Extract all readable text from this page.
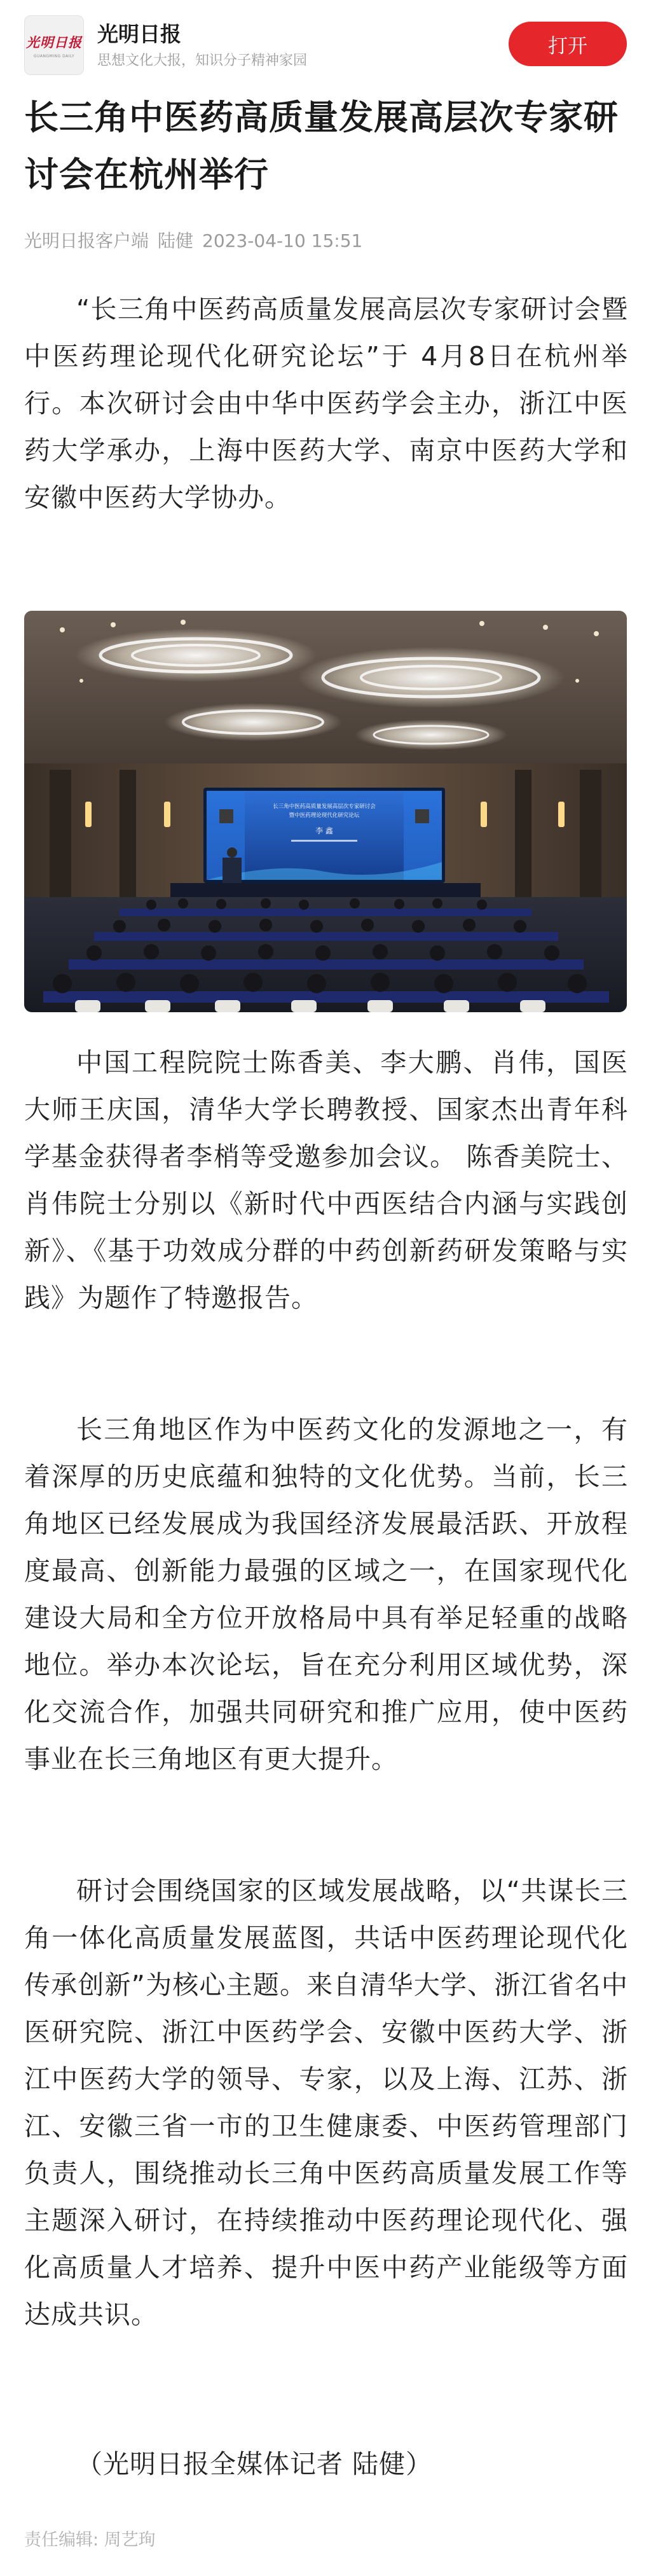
光明日报
GUANGMING DAILY
光明日报
思想文化大报，知识分子精神家园
打开
长三角中医药高质量发展高层次专家研讨会在杭州举行
光明日报客户端 陆健 2023-04-10 15:51

“长三角中医药高质量发展高层次专家研讨会暨中医药理论现代化研究论坛”于 4月8日在杭州举行。本次研讨会由中华中医药学会主办，浙江中医药大学承办，上海中医药大学、南京中医药大学和安徽中医药大学协办。

长三角中医药高质量发展高层次专家研讨会
暨中医药理论现代化研究论坛
李 鑫

中国工程院院士陈香美、李大鹏、肖伟，国医大师王庆国，清华大学长聘教授、国家杰出青年科学基金获得者李梢等受邀参加会议。 陈香美院士、肖伟院士分别以《新时代中西医结合内涵与实践创新》、《基于功效成分群的中药创新药研发策略与实践》为题作了特邀报告。

长三角地区作为中医药文化的发源地之一，有着深厚的历史底蕴和独特的文化优势。当前，长三角地区已经发展成为我国经济发展最活跃、开放程度最高、创新能力最强的区域之一，在国家现代化建设大局和全方位开放格局中具有举足轻重的战略地位。举办本次论坛，旨在充分利用区域优势，深化交流合作，加强共同研究和推广应用，使中医药事业在长三角地区有更大提升。

研讨会围绕国家的区域发展战略，以“共谋长三角一体化高质量发展蓝图，共话中医药理论现代化传承创新”为核心主题。来自清华大学、浙江省名中医研究院、浙江中医药学会、安徽中医药大学、浙江中医药大学的领导、专家，以及上海、江苏、浙江、安徽三省一市的卫生健康委、中医药管理部门负责人，围绕推动长三角中医药高质量发展工作等主题深入研讨，在持续推动中医药理论现代化、强化高质量人才培养、提升中医中药产业能级等方面达成共识。

（光明日报全媒体记者 陆健）

责任编辑: 周艺珣
